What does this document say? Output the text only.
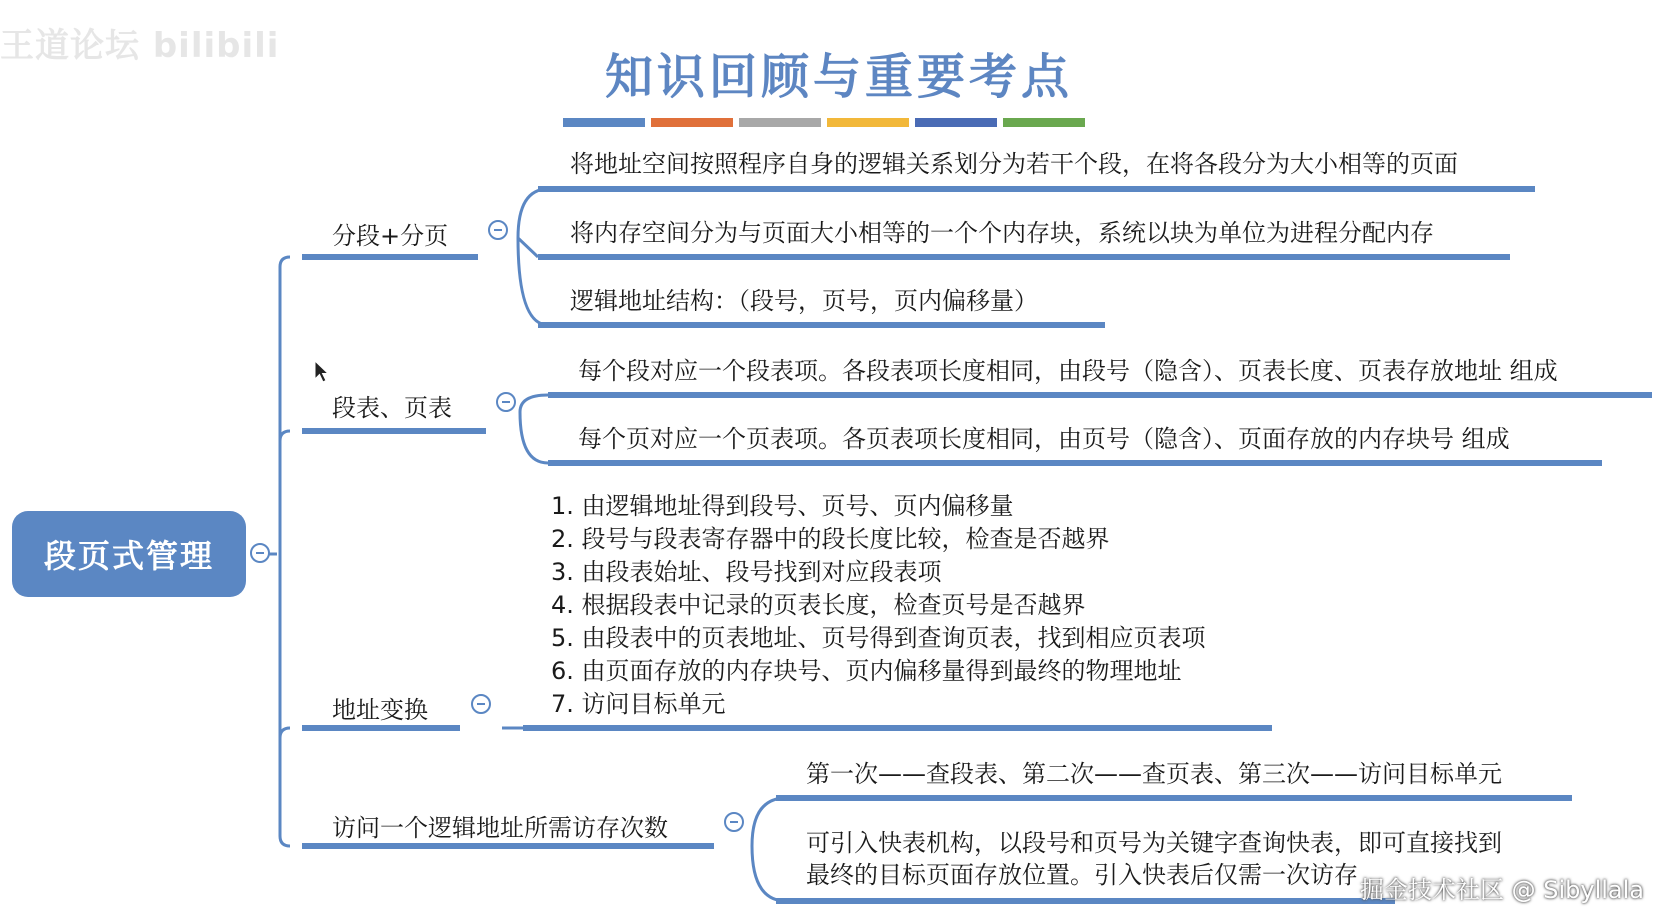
王道论坛 bilibili
知识回顾与重要考点
段页式管理
分段+分页
将地址空间按照程序自身的逻辑关系划分为若干个段，在将各段分为大小相等的页面
将内存空间分为与页面大小相等的一个个内存块，系统以块为单位为进程分配内存
逻辑地址结构：（段号，页号，页内偏移量）
段表、页表
每个段对应一个段表项。各段表项长度相同，由段号（隐含）、页表长度、页表存放地址 组成
每个页对应一个页表项。各页表项长度相同，由页号（隐含）、页面存放的内存块号 组成
地址变换
1. 由逻辑地址得到段号、页号、页内偏移量
2. 段号与段表寄存器中的段长度比较，检查是否越界
3. 由段表始址、段号找到对应段表项
4. 根据段表中记录的页表长度，检查页号是否越界
5. 由段表中的页表地址、页号得到查询页表，找到相应页表项
6. 由页面存放的内存块号、页内偏移量得到最终的物理地址
7. 访问目标单元
访问一个逻辑地址所需访存次数
第一次——查段表、第二次——查页表、第三次——访问目标单元
可引入快表机构，以段号和页号为关键字查询快表，即可直接找到
最终的目标页面存放位置。引入快表后仅需一次访存
掘金技术社区 @ Sibyllala
